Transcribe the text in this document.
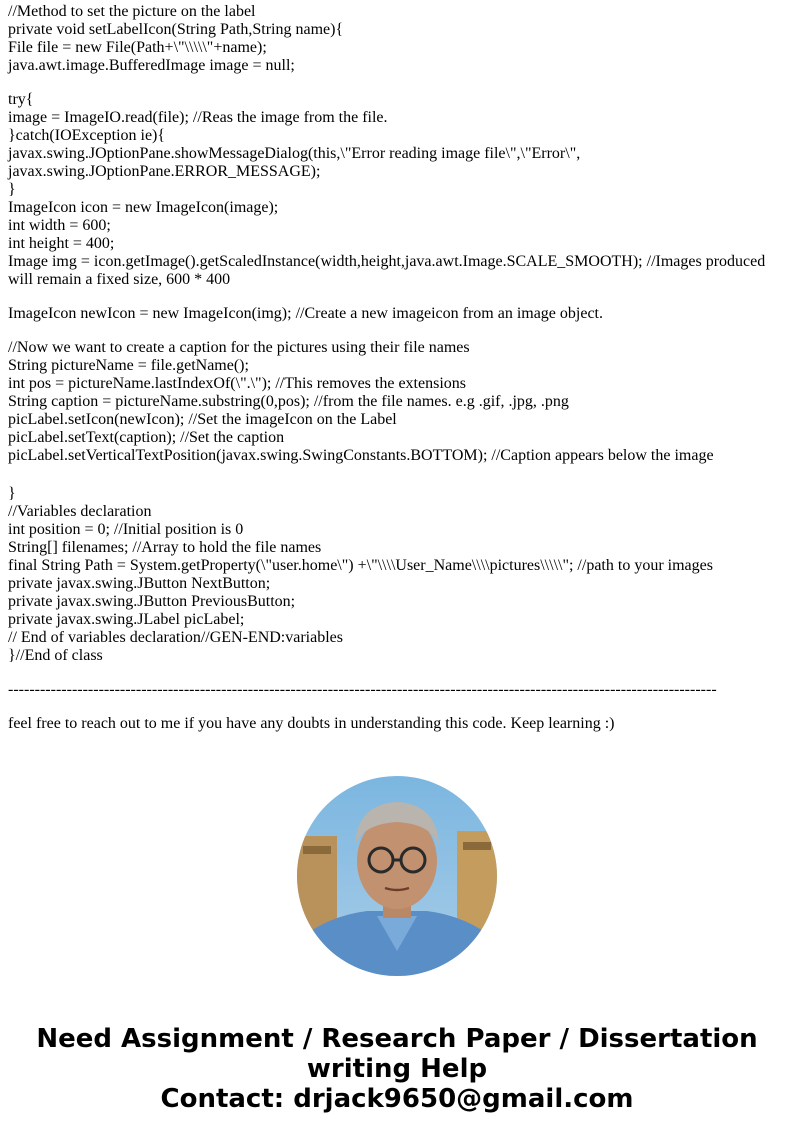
//Method to set the picture on the label
private void setLabelIcon(String Path,String name){
File file = new File(Path+\"\\\\\"+name);
java.awt.image.BufferedImage image = null;
try{
image = ImageIO.read(file); //Reas the image from the file.
}catch(IOException ie){
javax.swing.JOptionPane.showMessageDialog(this,\"Error reading image file\",\"Error\",
javax.swing.JOptionPane.ERROR_MESSAGE);
}
ImageIcon icon = new ImageIcon(image);
int width = 600;
int height = 400;
Image img = icon.getImage().getScaledInstance(width,height,java.awt.Image.SCALE_SMOOTH); //Images produced will remain a fixed size, 600 * 400
ImageIcon newIcon = new ImageIcon(img); //Create a new imageicon from an image object.
//Now we want to create a caption for the pictures using their file names
String pictureName = file.getName();
int pos = pictureName.lastIndexOf(\".\"); //This removes the extensions
String caption = pictureName.substring(0,pos); //from the file names. e.g .gif, .jpg, .png
picLabel.setIcon(newIcon); //Set the imageIcon on the Label
picLabel.setText(caption); //Set the caption
picLabel.setVerticalTextPosition(javax.swing.SwingConstants.BOTTOM); //Caption appears below the image
}
//Variables declaration
int position = 0; //Initial position is 0
String[] filenames; //Array to hold the file names
final String Path = System.getProperty(\"user.home\") +\"\\\\User_Name\\\\pictures\\\\\"; //path to your images
private javax.swing.JButton NextButton;
private javax.swing.JButton PreviousButton;
private javax.swing.JLabel picLabel;
// End of variables declaration//GEN-END:variables
}//End of class
-------------------------------------------------------------------------------------------------------------------------------------
feel free to reach out to me if you have any doubts in understanding this code. Keep learning :)
Need Assignment / Research Paper / Dissertation
writing Help
Contact: drjack9650@gmail.com
